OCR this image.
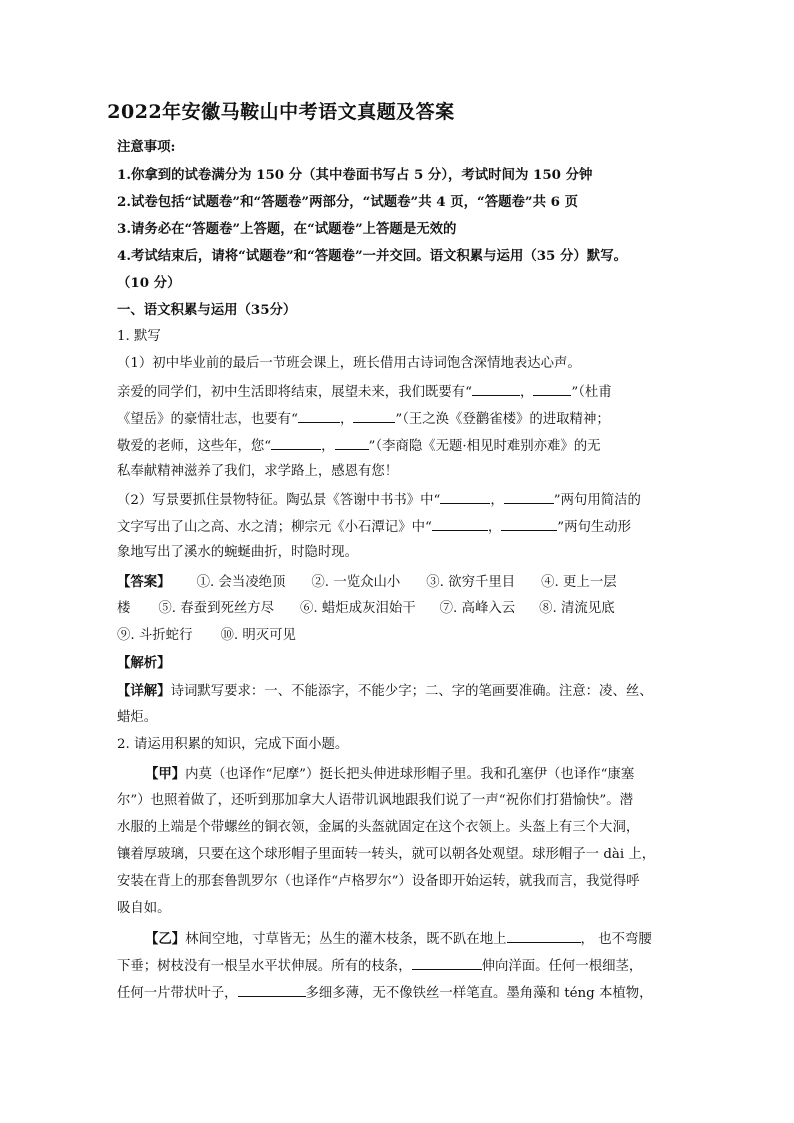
2022年安徽马鞍山中考语文真题及答案
注意事项:
1.你拿到的试卷满分为 150 分（其中卷面书写占 5 分），考试时间为 150 分钟
2.试卷包括“试题卷”和“答题卷”两部分，“试题卷”共 4 页，“答题卷”共 6 页
3.请务必在“答题卷”上答题，在“试题卷”上答题是无效的
4.考试结束后，请将“试题卷”和“答题卷”一并交回。语文积累与运用（35 分）默写。
（10 分）
一、语文积累与运用（35分）
1. 默写
（1）初中毕业前的最后一节班会课上，班长借用古诗词饱含深情地表达心声。
亲爱的同学们，初中生活即将结束，展望未来，我们既要有“	，	”（杜甫
《望岳》的豪情壮志，也要有“	，	”（王之涣《登鹳雀楼》的进取精神；
敬爱的老师，这些年，您“	，	”（李商隐《无题·相见时难别亦难》的无
私奉献精神滋养了我们，求学路上，感恩有您！
（2）写景要抓住景物特征。陶弘景《答谢中书书》中“	，	”两句用简洁的
文字写出了山之高、水之清；柳宗元《小石潭记》中“	，	”两句生动形
象地写出了溪水的蜿蜒曲折，时隐时现。
【答案】 ①. 会当凌绝顶 ②. 一览众山小 ③. 欲穷千里目 ④. 更上一层
楼 ⑤. 春蚕到死丝方尽 ⑥. 蜡炬成灰泪始干 ⑦. 高峰入云 ⑧. 清流见底
⑨. 斗折蛇行 ⑩. 明灭可见
【解析】
【详解】诗词默写要求：一、不能添字，不能少字；二、字的笔画要准确。注意：凌、丝、
蜡炬。
2. 请运用积累的知识，完成下面小题。
【甲】内莫（也译作“尼摩”）挺长把头伸进球形帽子里。我和孔塞伊（也译作“康塞
尔”）也照着做了，还听到那加拿大人语带讥讽地跟我们说了一声“祝你们打猎愉快”。潜
水服的上端是个带螺丝的铜衣领，金属的头盔就固定在这个衣领上。头盔上有三个大洞，
镶着厚玻璃，只要在这个球形帽子里面转一转头，就可以朝各处观望。球形帽子一 dài 上，
安装在背上的那套鲁凯罗尔（也译作“卢格罗尔”）设备即开始运转，就我而言，我觉得呼
吸自如。
【乙】林间空地，寸草皆无；丛生的灌木枝条，既不趴在地上	， 也不弯腰
下垂；树枝没有一根呈水平状伸展。所有的枝条，	伸向洋面。任何一根细茎，
任何一片带状叶子，	多细多薄，无不像铁丝一样笔直。墨角藻和 téng 本植物，
